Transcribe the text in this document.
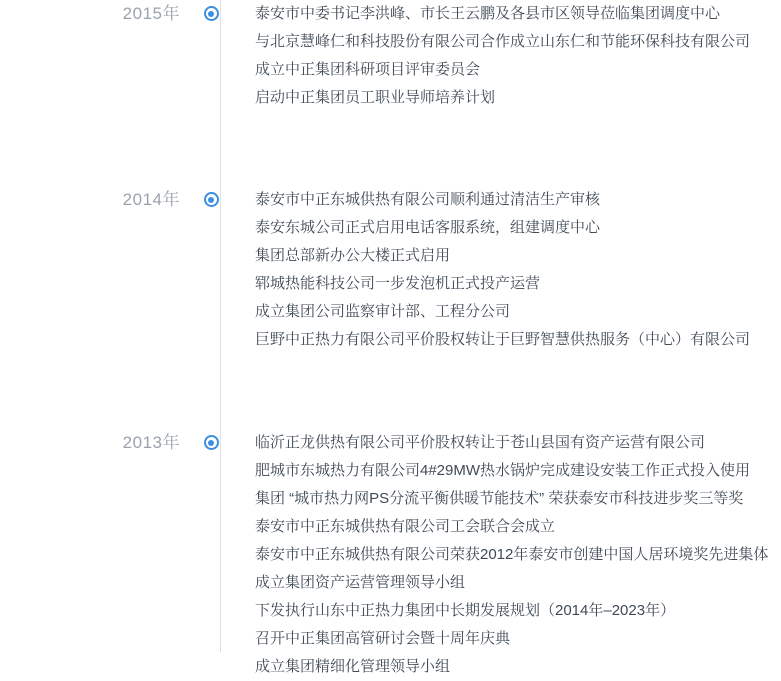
2015年	泰安市中委书记李洪峰、市长王云鹏及各县市区领导莅临集团调度中心
与北京慧峰仁和科技股份有限公司合作成立山东仁和节能环保科技有限公司
成立中正集团科研项目评审委员会
启动中正集团员工职业导师培养计划
2014年	泰安市中正东城供热有限公司顺利通过清洁生产审核
泰安东城公司正式启用电话客服系统，组建调度中心
集团总部新办公大楼正式启用
郓城热能科技公司一步发泡机正式投产运营
成立集团公司监察审计部、工程分公司
巨野中正热力有限公司平价股权转让于巨野智慧供热服务（中心）有限公司
2013年	临沂正龙供热有限公司平价股权转让于苍山县国有资产运营有限公司
肥城市东城热力有限公司4#29MW热水锅炉完成建设安装工作正式投入使用
集团 “城市热力网PS分流平衡供暖节能技术” 荣获泰安市科技进步奖三等奖
泰安市中正东城供热有限公司工会联合会成立
泰安市中正东城供热有限公司荣获2012年泰安市创建中国人居环境奖先进集体
成立集团资产运营管理领导小组
下发执行山东中正热力集团中长期发展规划（2014年–2023年）
召开中正集团高管研讨会暨十周年庆典
成立集团精细化管理领导小组
